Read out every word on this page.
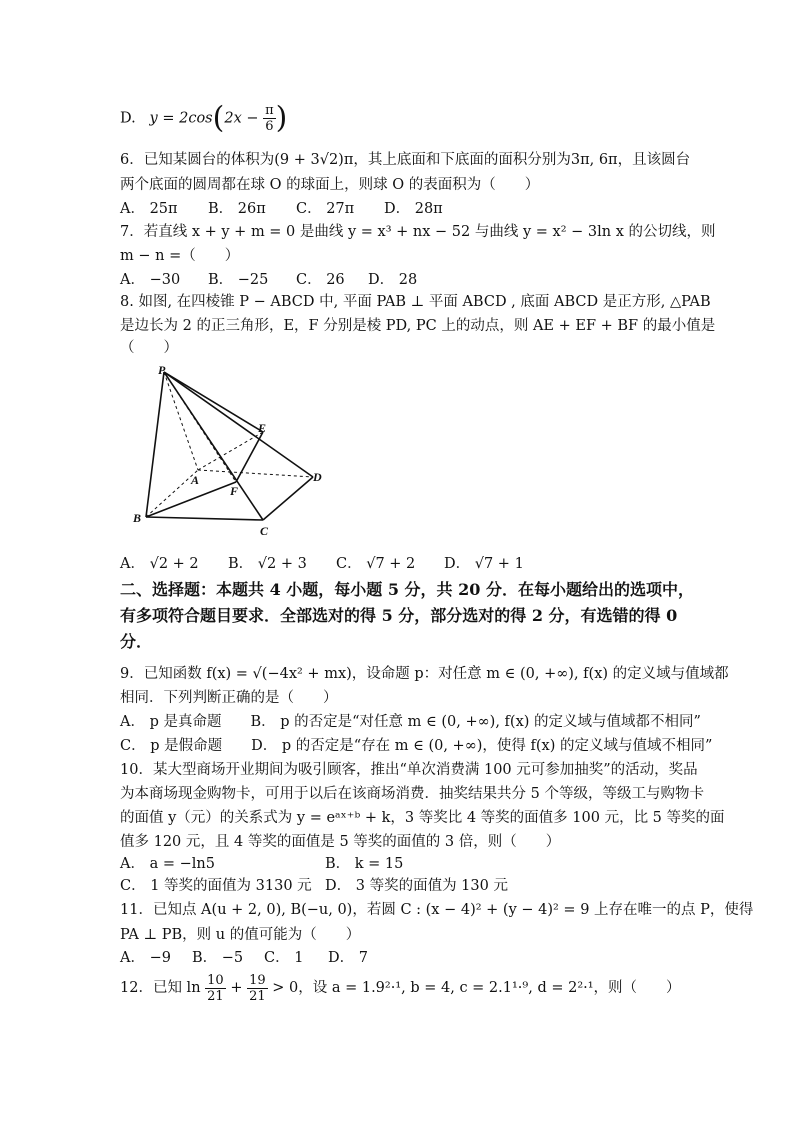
D. $y = 2\cos(2x - \frac{\pi}{6}$ )
6．已知某圆台的体积为(9 + 3√2)π，其上底面和下底面的面积分别为3π, 6π，且该圆台
两个底面的圆周都在球 O 的球面上，则球 O 的表面积为（　　）
A． 25π B． 26π C． 27π D． 28π
7．若直线 x + y + m = 0 是曲线 y = x³ + nx − 52 与曲线 y = x² − 3ln x 的公切线，则
m − n =（　　）
A． −30 B． −25 C． 26 D． 28
8. 如图, 在四棱锥 P − ABCD 中, 平面 PAB ⊥ 平面 ABCD , 底面 ABCD 是正方形, △PAB
是边长为 2 的正三角形，E，F 分别是棱 PD, PC 上的动点，则 AE + EF + BF 的最小值是
（　　）
P
E
A
F
D
B
C
A． √2 + 2 B． √2 + 3 C． √7 + 2 D． √7 + 1
二、选择题：本题共 4 小题，每小题 5 分，共 20 分．在每小题给出的选项中，
有多项符合题目要求．全部选对的得 5 分，部分选对的得 2 分，有选错的得 0
分．
9．已知函数 f(x) = √(−4x² + mx)，设命题 p：对任意 m ∈ (0, +∞), f(x) 的定义域与值域都
相同．下列判断正确的是（　　）
A． p 是真命题　　B． p 的否定是“对任意 m ∈ (0, +∞), f(x) 的定义域与值域都不相同”
C． p 是假命题　　D． p 的否定是“存在 m ∈ (0, +∞)，使得 f(x) 的定义域与值域不相同”
10．某大型商场开业期间为吸引顾客，推出“单次消费满 100 元可参加抽奖”的活动，奖品
为本商场现金购物卡，可用于以后在该商场消费．抽奖结果共分 5 个等级，等级工与购物卡
的面值 y（元）的关系式为 y = eᵃˣ⁺ᵇ + k，3 等奖比 4 等奖的面值多 100 元，比 5 等奖的面
值多 120 元，且 4 等奖的面值是 5 等奖的面值的 3 倍，则（　　）
A． a = −ln5	B． k = 15
C． 1 等奖的面值为 3130 元 D． 3 等奖的面值为 130 元
11．已知点 A(u + 2, 0), B(−u, 0)，若圆 C : (x − 4)² + (y − 4)² = 9 上存在唯一的点 P，使得
PA ⊥ PB，则 u 的值可能为（　　）
A． −9 B． −5 C． 1 D． 7
12．已知 $\ln \frac{10}{21} + \frac{19}{21} > 0$，设 a = 1.9²·¹, b = 4, c = 2.1¹·⁹, d = 2²·¹，则（　　）
